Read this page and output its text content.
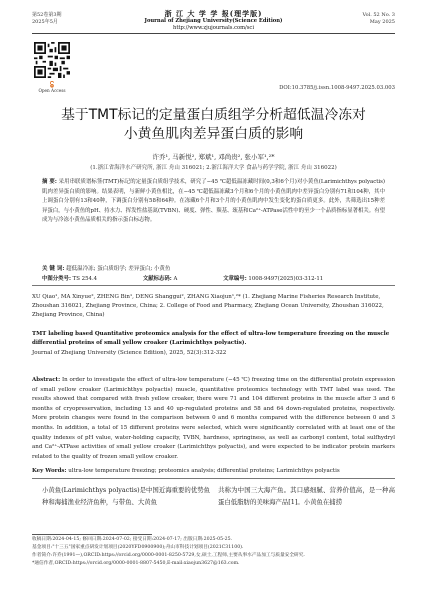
第52卷第3期
2025年5月
浙 江 大 学 学 报(理学版)
Journal of Zhejiang University(Science Edition)
http://www.zjujournals.com/sci
Vol. 52 No. 3
May 2025
Open Access	DOI:10.3785/j.issn.1008-9497.2025.03.003
基于TMT标记的定量蛋白质组学分析超低温冷冻对
小黄鱼肌肉差异蛋白质的影响
许乔¹, 马新悦², 郑斌¹, 邓尚贵², 张小军¹,²*
(1.浙江省海洋水产研究所, 浙江 舟山 316021; 2.浙江海洋大学 食品与药学学院, 浙江 舟山 316022)
摘 要: 采用串联质谱标签(TMT)标记的定量蛋白质组学技术，研究了−45 ℃超低温冻藏时间(0,3和6个月)对小黄鱼(Larimichthys polyactis)肌肉差异蛋白质的影响。结果表明，与新鲜小黄鱼相比，在−45 ℃超低温冻藏3个月和6个月的小黄鱼肌肉中差异蛋白分别有71和104种，其中上调蛋白分别有13和40种，下调蛋白分别有58和64种。在冻藏6个月和3个月的小黄鱼肌肉中发生变化的蛋白质更多。此外，共筛选出15种差异蛋白，与小黄鱼的pH、持水力、挥发性盐基氮(TVBN)、硬度、弹性、羰基、巯基和Ca²⁺-ATPase活性中的至少一个品质指标显著相关。有望成为与冷冻小黄鱼品质相关的指示蛋白标志物。
关 键 词: 超低温冷冻; 蛋白质组学; 差异蛋白; 小黄鱼
中图分类号: TS 254.4	文献标志码: A	文章编号: 1008-9497(2025)03-312-11
XU Qiao¹, MA Xinyue², ZHENG Bin¹, DENG Shanggui², ZHANG Xiaojun¹,²* (1. Zhejiang Marine Fisheries Research Institute, Zhoushan 316021, Zhejiang Province, China; 2. College of Food and Pharmacy, Zhejiang Ocean University, Zhoushan 316022, Zhejiang Province, China)
TMT labeling based Quantitative proteomics analysis for the effect of ultra-low temperature freezing on the muscle differential proteins of small yellow croaker (Larimichthys polyactis).
Journal of Zhejiang University (Science Edition), 2025, 52(3):312-322
Abstract: In order to investigate the effect of ultra-low temperature (−45 ℃) freezing time on the differential protein expression of small yellow croaker (Larimichthys polyactis) muscle, quantitative proteomics technology with TMT label was used. The results showed that compared with fresh yellow croaker, there were 71 and 104 different proteins in the muscle after 3 and 6 months of cryopreservation, including 13 and 40 up-regulated proteins and 58 and 64 down-regulated proteins, respectively. More protein changes were found in the comparison between 0 and 6 months compared with the difference between 0 and 3 months. In addition, a total of 15 different proteins were selected, which were significantly correlated with at least one of the quality indexes of pH value, water-holding capacity, TVBN, hardness, springiness, as well as carbonyl content, total sulfhydryl and Ca²⁺-ATPase activities of small yellow croaker (Larimichthys polyactis), and were expected to be indicator protein markers related to the quality of frozen small yellow croaker.
Key Words: ultra-low temperature freezing; proteomics analysis; differential proteins; Larimichthys polyactis
小黄鱼(Larimichthys polyactis)是中国近海重要的优势鱼种和海捕渔业经济鱼种，与带鱼、大黄鱼
共称为中国三大海产鱼。其口感细腻、营养价值高，是一种高蛋白低脂肪的美味海产品[1]。小黄鱼在捕捞
收稿日期:2024-04-15; 修回日期:2024-07-02; 接受日期:2024-07-17; 出版日期:2025-05-25.
基金项目:"十三五"国家重点研发计划项目(2020YFD0900900);舟山市科技计划项目(2021C31100).
作者简介:许乔(1991—),ORCID:https://orcid.org/0000-0001-8250-5729,女,硕士,工程师,主要从事水产品加工与质量安全研究.
*通信作者,ORCID:https://orcid.org/0000-0001-8807-5450,E-mail:xiaojun3627@163.com.
